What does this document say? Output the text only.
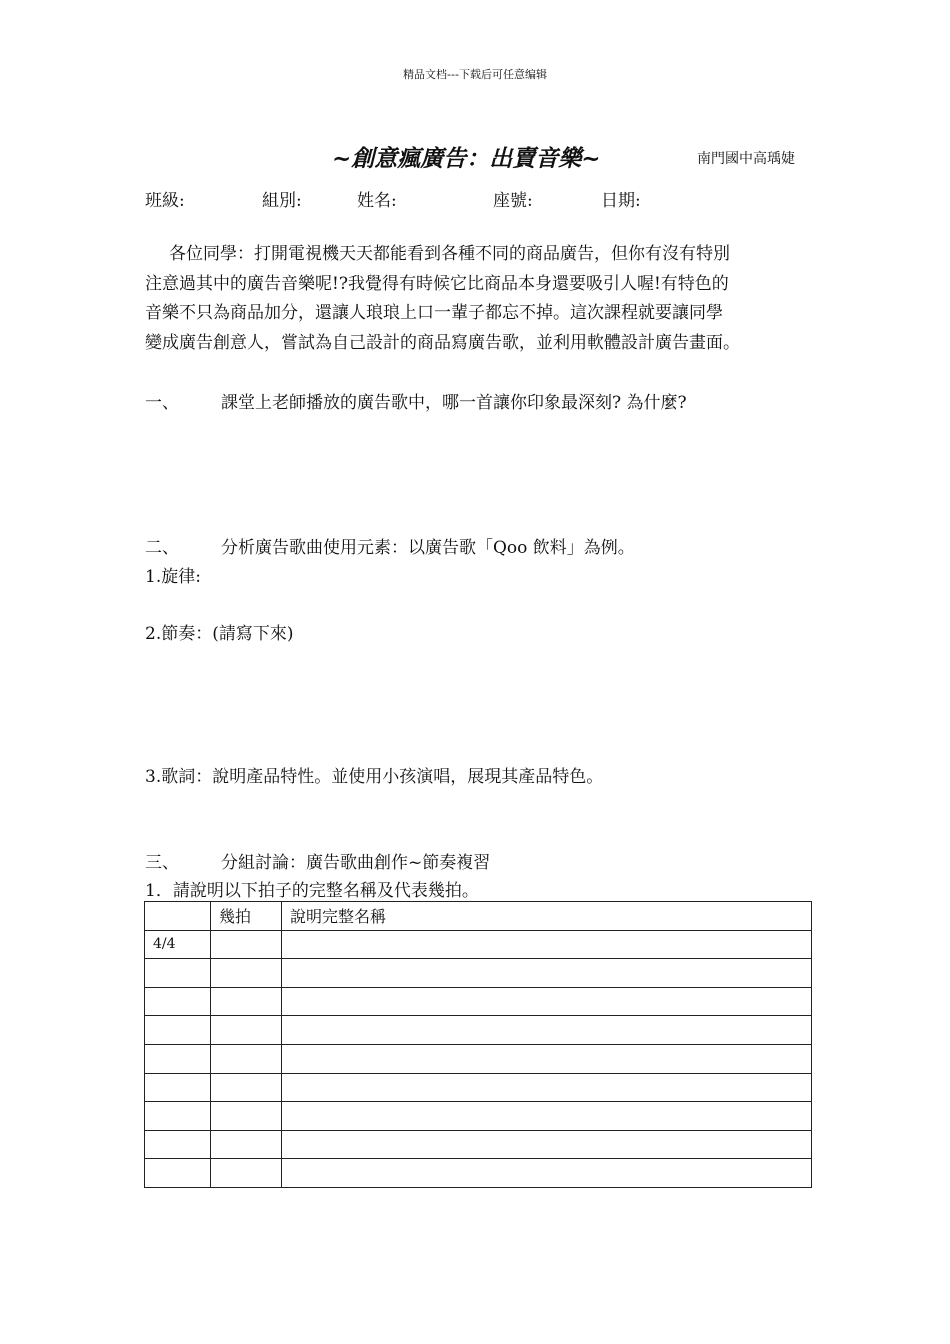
精品文档---下载后可任意编辑
~創意瘋廣告：出賣音樂~	南門國中高瑀婕
班級:	組別:	姓名:	座號:	日期:

各位同學：打開電視機天天都能看到各種不同的商品廣告，但你有沒有特別

注意過其中的廣告音樂呢!?我覺得有時候它比商品本身還要吸引人喔!有特色的

音樂不只為商品加分，還讓人琅琅上口一輩子都忘不掉。這次課程就要讓同學

變成廣告創意人，嘗試為自己設計的商品寫廣告歌，並利用軟體設計廣告畫面。

一、 課堂上老師播放的廣告歌中，哪一首讓你印象最深刻? 為什麼?
二、 分析廣告歌曲使用元素：以廣告歌「Qoo 飲料」為例。
1.旋律:
2.節奏：(請寫下來)
3.歌詞：說明產品特性。並使用小孩演唱，展現其產品特色。
三、 分組討論：廣告歌曲創作~節奏複習
1．請說明以下拍子的完整名稱及代表幾拍。
	幾拍	說明完整名稱
4/4		
